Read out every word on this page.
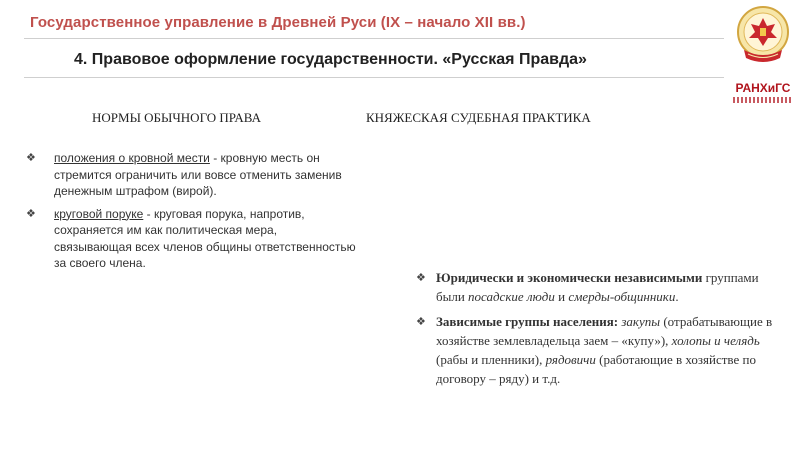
Государственное управление в Древней Руси (IX – начало XII вв.)
4. Правовое оформление государственности. «Русская Правда»
РАНХиГС
НОРМЫ ОБЫЧНОГО ПРАВА	КНЯЖЕСКАЯ СУДЕБНАЯ ПРАКТИКА
❖ положения о кровной мести - кровную месть он стремится ограничить или вовсе отменить заменив денежным штрафом (вирой).
❖ круговой поруке - круговая порука, напротив, сохраняется им как политическая мера, связывающая всех членов общины ответственностью за своего члена.
❖ Юридически и экономически независимыми группами были посадские люди и смерды-общинники.
❖ Зависимые группы населения: закупы (отрабатывающие в хозяйстве землевладельца заем – «купу»), холопы и челядь (рабы и пленники), рядовичи (работающие в хозяйстве по договору – ряду) и т.д.
